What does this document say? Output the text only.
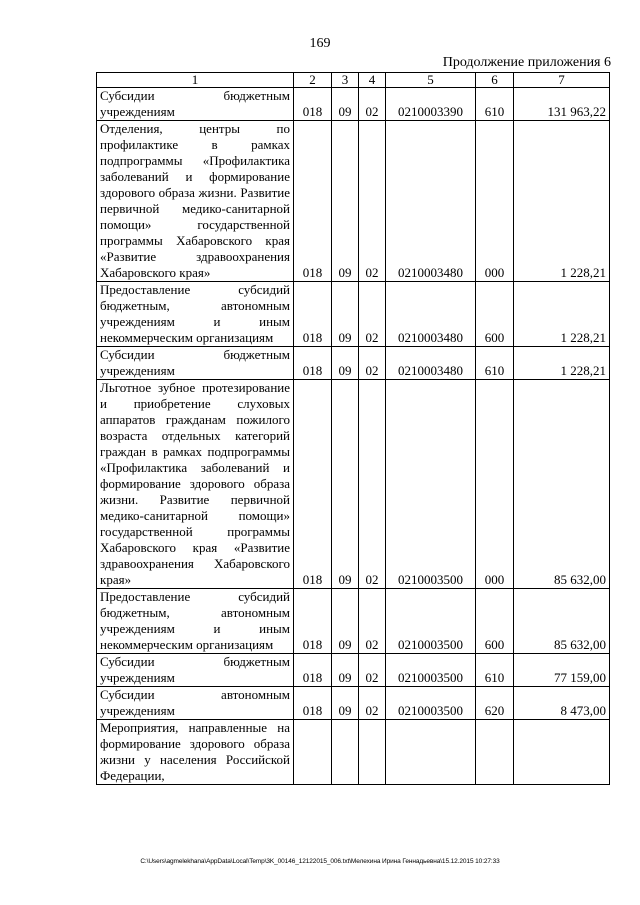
169
Продолжение приложения 6
1	2	3	4	5	6	7
Субсидии бюджетным учреждениям	018	09	02	0210003390	610	131 963,22
Отделения, центры по профилактике в рамках подпрограммы «Профилактика заболеваний и формирование здорового образа жизни. Развитие первичной медико-санитарной помощи» государственной программы Хабаровского края «Развитие здравоохранения Хабаровского края»	018	09	02	0210003480	000	1 228,21
Предоставление субсидий бюджетным, автономным учреждениям и иным некоммерческим организациям	018	09	02	0210003480	600	1 228,21
Субсидии бюджетным учреждениям	018	09	02	0210003480	610	1 228,21
Льготное зубное протезирование и приобретение слуховых аппаратов гражданам пожилого возраста отдельных категорий граждан в рамках подпрограммы «Профилактика заболеваний и формирование здорового образа жизни. Развитие первичной медико-санитарной помощи» государственной программы Хабаровского края «Развитие здравоохранения Хабаровского края»	018	09	02	0210003500	000	85 632,00
Предоставление субсидий бюджетным, автономным учреждениям и иным некоммерческим организациям	018	09	02	0210003500	600	85 632,00
Субсидии бюджетным учреждениям	018	09	02	0210003500	610	77 159,00
Субсидии автономным учреждениям	018	09	02	0210003500	620	8 473,00
Мероприятия, направленные на формирование здорового образа жизни у населения Российской Федерации,						
C:\Users\agmelekhana\AppData\Local\Temp\3K_00146_12122015_006.txt\Мелехина Ирина Геннадьевна\15.12.2015 10:27:33
